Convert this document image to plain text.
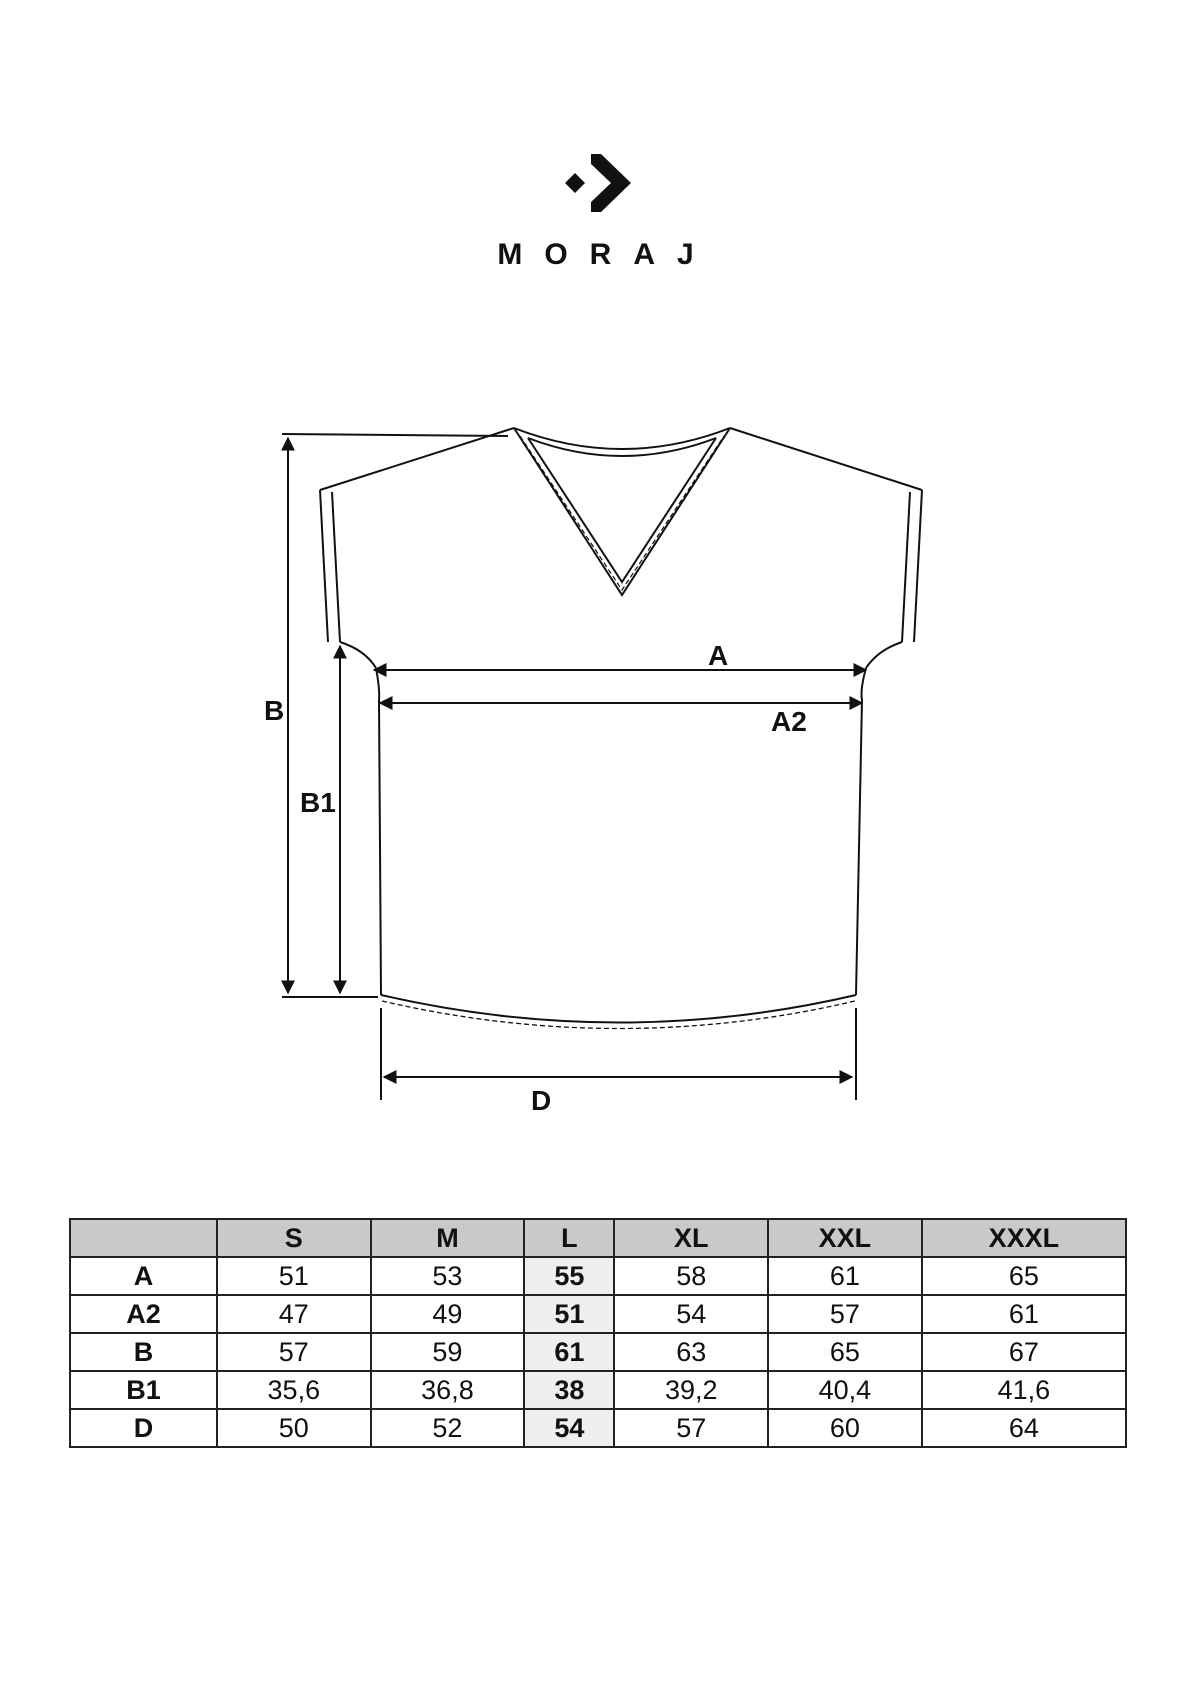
MORAJ
A
A2
B
B1
D
	S	M	L	XL	XXL	XXXL
A	51	53	55	58	61	65
A2	47	49	51	54	57	61
B	57	59	61	63	65	67
B1	35,6	36,8	38	39,2	40,4	41,6
D	50	52	54	57	60	64
